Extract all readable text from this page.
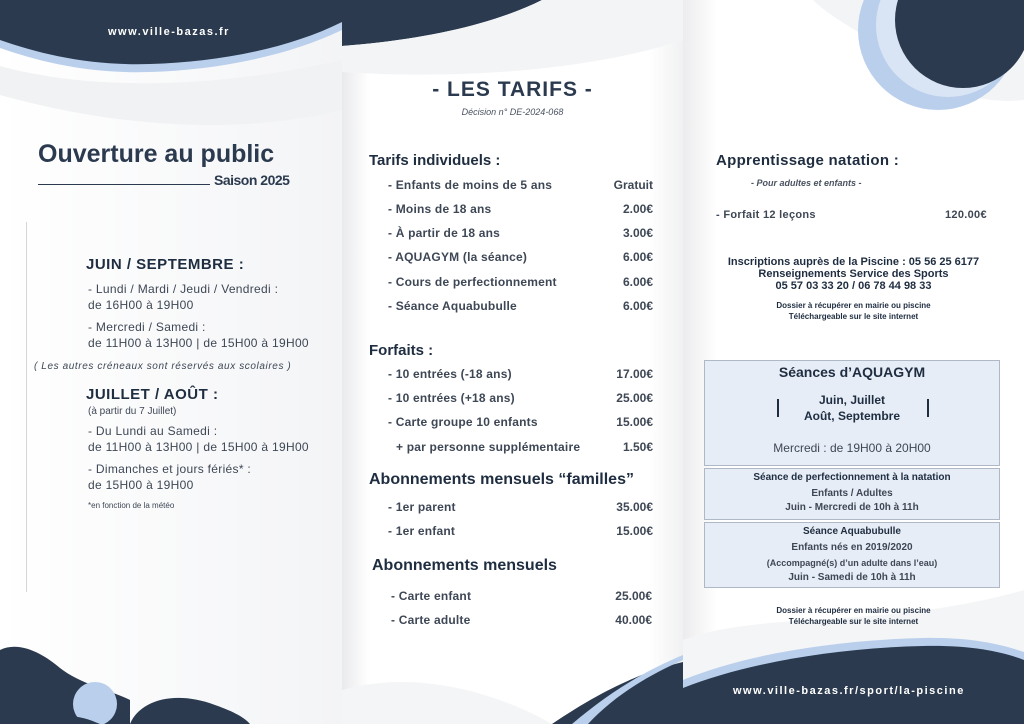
www.ville-bazas.fr
Ouverture au public
Saison 2025
JUIN / SEPTEMBRE :
- Lundi / Mardi / Jeudi / Vendredi :
de 16H00 à 19H00
- Mercredi / Samedi :
de 11H00 à 13H00 | de 15H00 à 19H00
( Les autres créneaux sont réservés aux scolaires )
JUILLET / AOÛT :
(à partir du 7 Juillet)
- Du Lundi au Samedi :
de 11H00 à 13H00 | de 15H00 à 19H00
- Dimanches et jours fériés* :
de 15H00 à 19H00
*en fonction de la météo
- LES TARIFS -
Décision n° DE-2024-068
Tarifs individuels :
- Enfants de moins de 5 ans	Gratuit
- Moins de 18 ans	2.00€
- À partir de 18 ans	3.00€
- AQUAGYM (la séance)	6.00€
- Cours de perfectionnement	6.00€
- Séance Aquabubulle	6.00€
Forfaits :
- 10 entrées (-18 ans)	17.00€
- 10 entrées (+18 ans)	25.00€
- Carte groupe 10 enfants	15.00€
+ par personne supplémentaire	1.50€
Abonnements mensuels “familles”
- 1er parent	35.00€
- 1er enfant	15.00€
Abonnements mensuels
- Carte enfant	25.00€
- Carte adulte	40.00€
Apprentissage natation :
- Pour adultes et enfants -
- Forfait 12 leçons	120.00€
Inscriptions auprès de la Piscine : 05 56 25 6177
Renseignements Service des Sports
05 57 03 33 20 / 06 78 44 98 33
Dossier à récupérer en mairie ou piscine
Téléchargeable sur le site internet
Séances d’AQUAGYM
Juin, Juillet
Août, Septembre
Mercredi : de 19H00 à 20H00
Séance de perfectionnement à la natation
Enfants / Adultes
Juin - Mercredi de 10h à 11h
Séance Aquabubulle
Enfants nés en 2019/2020
(Accompagné(s) d’un adulte dans l’eau)
Juin - Samedi de 10h à 11h
Dossier à récupérer en mairie ou piscine
Téléchargeable sur le site internet
www.ville-bazas.fr/sport/la-piscine
